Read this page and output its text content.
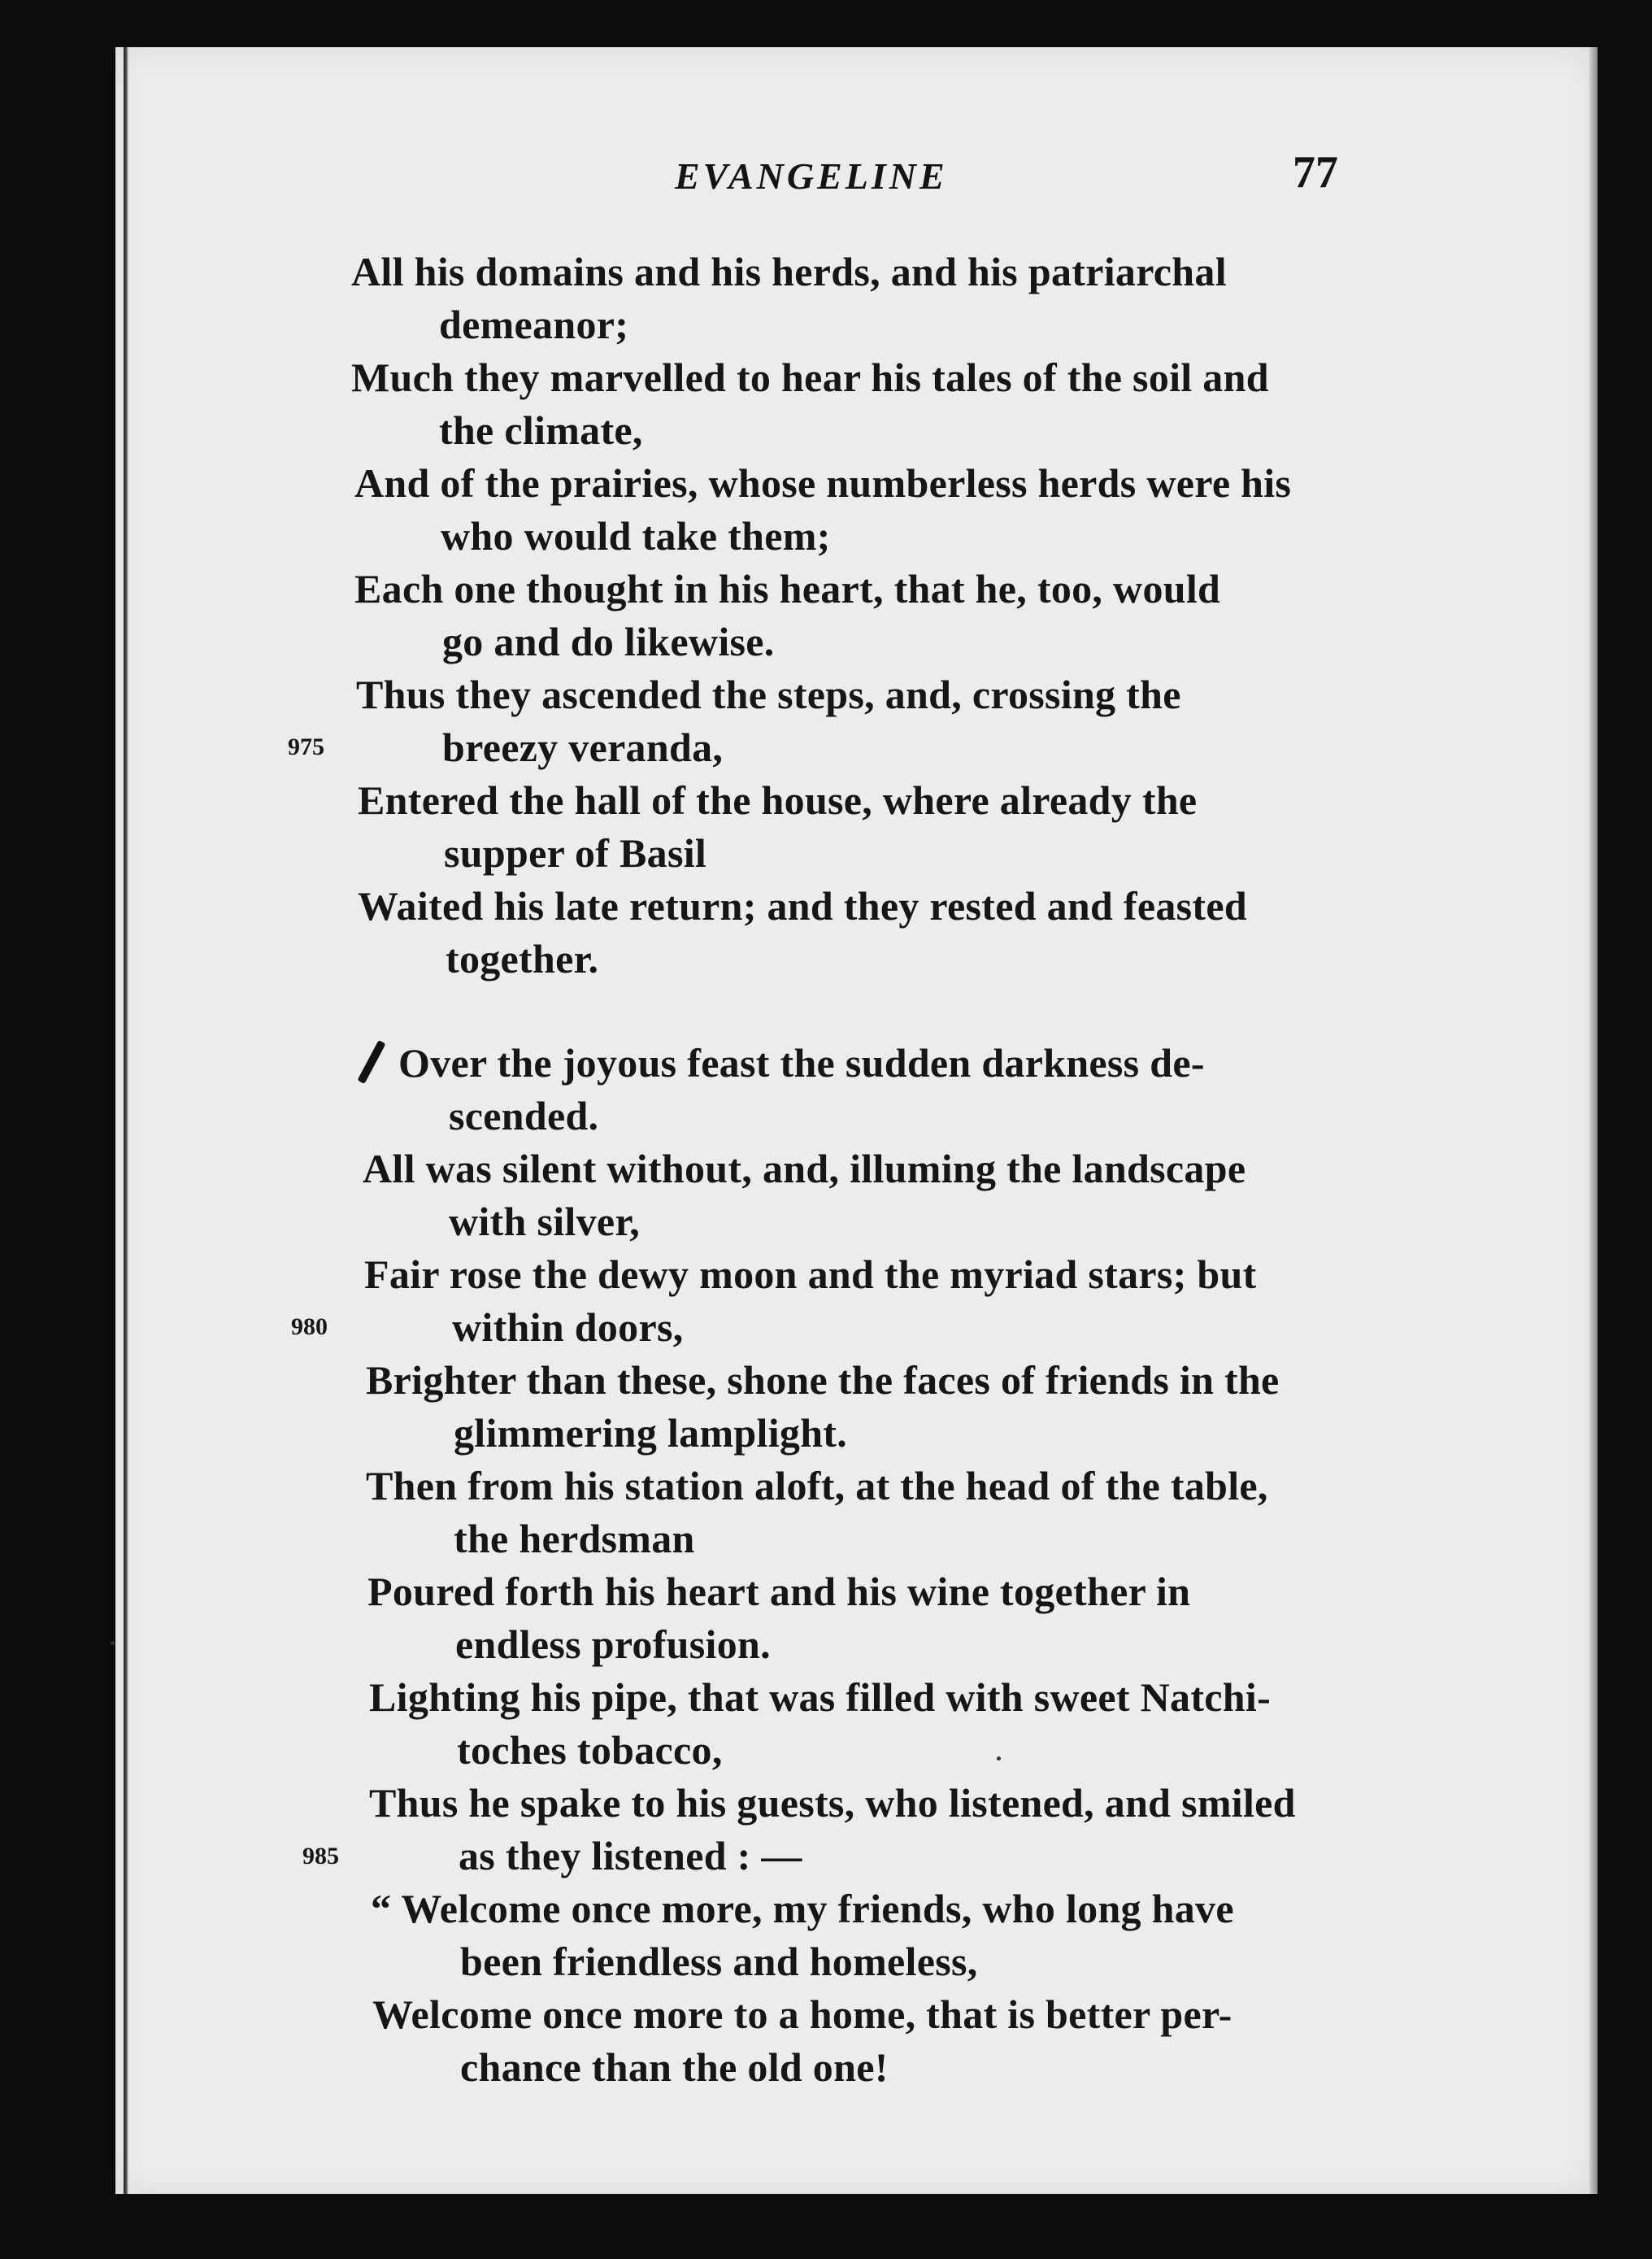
EVANGELINE	77
All his domains and his herds, and his patriarchal
demeanor;
Much they marvelled to hear his tales of the soil and
the climate,
And of the prairies, whose numberless herds were his
who would take them;
Each one thought in his heart, that he, too, would
go and do likewise.
Thus they ascended the steps, and, crossing the
975	breezy veranda,
Entered the hall of the house, where already the
supper of Basil
Waited his late return; and they rested and feasted
together.
Over the joyous feast the sudden darkness de-
scended.
All was silent without, and, illuming the landscape
with silver,
Fair rose the dewy moon and the myriad stars; but
980	within doors,
Brighter than these, shone the faces of friends in the
glimmering lamplight.
Then from his station aloft, at the head of the table,
the herdsman
Poured forth his heart and his wine together in
endless profusion.
Lighting his pipe, that was filled with sweet Natchi-
toches tobacco,
Thus he spake to his guests, who listened, and smiled
985	as they listened : —
“ Welcome once more, my friends, who long have
been friendless and homeless,
Welcome once more to a home, that is better per-
chance than the old one!
